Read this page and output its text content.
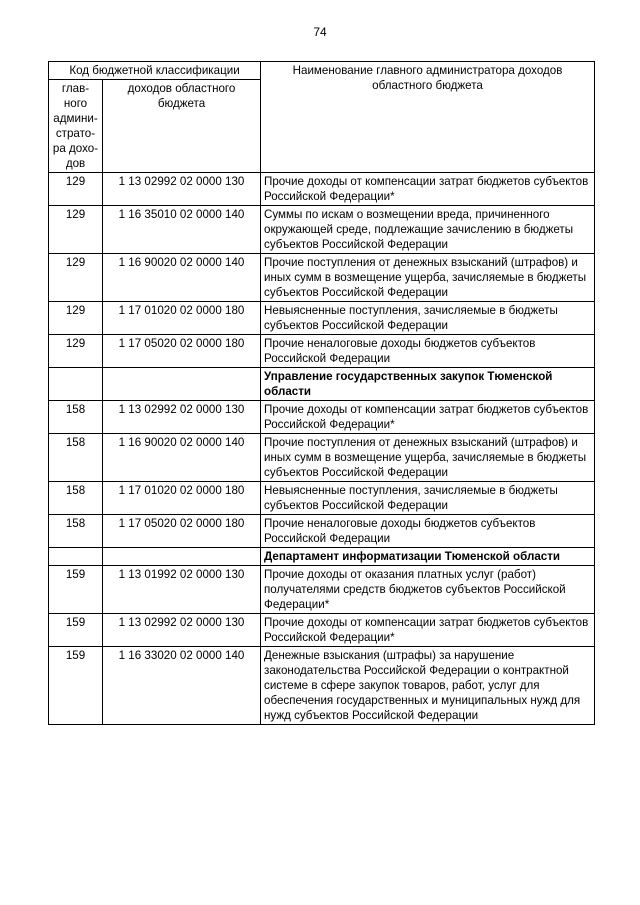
74
Код бюджетной классификации		Наименование главного администратора доходов областного бюджета
глав-ного админи-страто-ра дохо-дов	доходов областного бюджета	
129	1 13 02992 02 0000 130	Прочие доходы от компенсации затрат бюджетов субъектов Российской Федерации*
129	1 16 35010 02 0000 140	Суммы по искам о возмещении вреда, причиненного окружающей среде, подлежащие зачислению в бюджеты субъектов Российской Федерации
129	1 16 90020 02 0000 140	Прочие поступления от денежных взысканий (штрафов) и иных сумм в возмещение ущерба, зачисляемые в бюджеты субъектов Российской Федерации
129	1 17 01020 02 0000 180	Невыясненные поступления, зачисляемые в бюджеты субъектов Российской Федерации
129	1 17 05020 02 0000 180	Прочие неналоговые доходы бюджетов субъектов Российской Федерации
		Управление государственных закупок Тюменской области
158	1 13 02992 02 0000 130	Прочие доходы от компенсации затрат бюджетов субъектов Российской Федерации*
158	1 16 90020 02 0000 140	Прочие поступления от денежных взысканий (штрафов) и иных сумм в возмещение ущерба, зачисляемые в бюджеты субъектов Российской Федерации
158	1 17 01020 02 0000 180	Невыясненные поступления, зачисляемые в бюджеты субъектов Российской Федерации
158	1 17 05020 02 0000 180	Прочие неналоговые доходы бюджетов субъектов Российской Федерации
		Департамент информатизации Тюменской области
159	1 13 01992 02 0000 130	Прочие доходы от оказания платных услуг (работ) получателями средств бюджетов субъектов Российской Федерации*
159	1 13 02992 02 0000 130	Прочие доходы от компенсации затрат бюджетов субъектов Российской Федерации*
159	1 16 33020 02 0000 140	Денежные взыскания (штрафы) за нарушение законодательства Российской Федерации о контрактной системе в сфере закупок товаров, работ, услуг для обеспечения государственных и муниципальных нужд для нужд субъектов Российской Федерации
